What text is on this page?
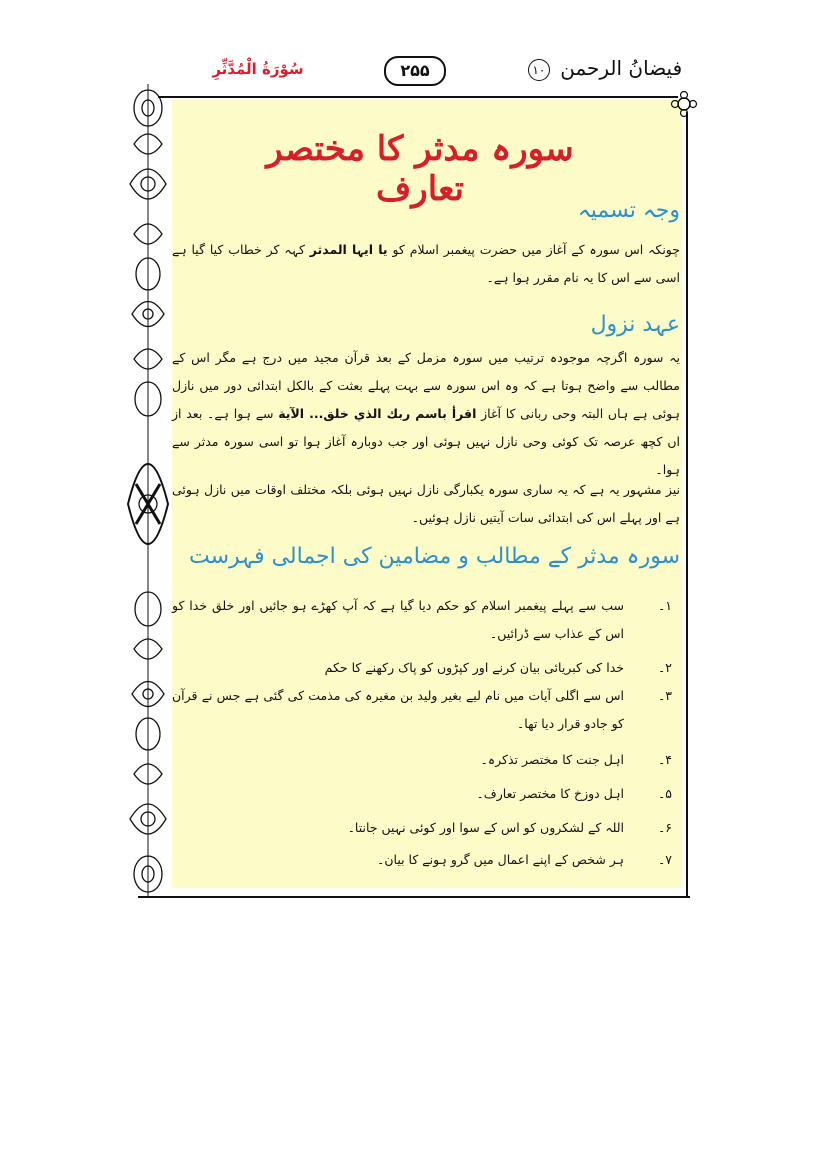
سُوْرَةُ الْمُدَّثِّرِ	۲۵۵	فيضانُ الرحمن ۱۰
سورہ مدثر کا مختصر تعارف
وجہ تسمیہ
چونکہ اس سورہ کے آغاز میں حضرت پیغمبر اسلام کو یا ایہا المدثر کہہ کر خطاب کیا گیا ہے اسی سے اس کا یہ نام مقرر ہوا ہے۔
عہد نزول
یہ سورہ اگرچہ موجودہ ترتیب میں سورہ مزمل کے بعد قرآن مجید میں درج ہے مگر اس کے مطالب سے واضح ہوتا ہے کہ وہ اس سورہ سے بہت پہلے بعثت کے بالکل ابتدائی دور میں نازل ہوئی ہے ہاں البتہ وحی ربانی کا آغاز اقرأ باسم ربك الذي خلق... الآية سے ہوا ہے۔ بعد از اں کچھ عرصہ تک کوئی وحی نازل نہیں ہوئی اور جب دوبارہ آغاز ہوا تو اسی سورہ مدثر سے ہوا۔
نیز مشہور یہ ہے کہ یہ ساری سورہ یکبارگی نازل نہیں ہوئی بلکہ مختلف اوقات میں نازل ہوئی ہے اور پہلے اس کی ابتدائی سات آیتیں نازل ہوئیں۔
سورہ مدثر کے مطالب و مضامین کی اجمالی فہرست
۱۔
سب سے پہلے پیغمبر اسلام کو حکم دیا گیا ہے کہ آپ کھڑے ہو جائیں اور خلق خدا کو اس کے عذاب سے ڈرائیں۔
۲۔
خدا کی کبریائی بیان کرنے اور کپڑوں کو پاک رکھنے کا حکم
۳۔
اس سے اگلی آیات میں نام لیے بغیر ولید بن مغیرہ کی مذمت کی گئی ہے جس نے قرآن کو جادو قرار دیا تھا۔
۴۔
اہل جنت کا مختصر تذکرہ۔
۵۔
اہل دوزخ کا مختصر تعارف۔
۶۔
اللہ کے لشکروں کو اس کے سوا اور کوئی نہیں جانتا۔
۷۔
ہر شخص کے اپنے اعمال میں گرو ہونے کا بیان۔
